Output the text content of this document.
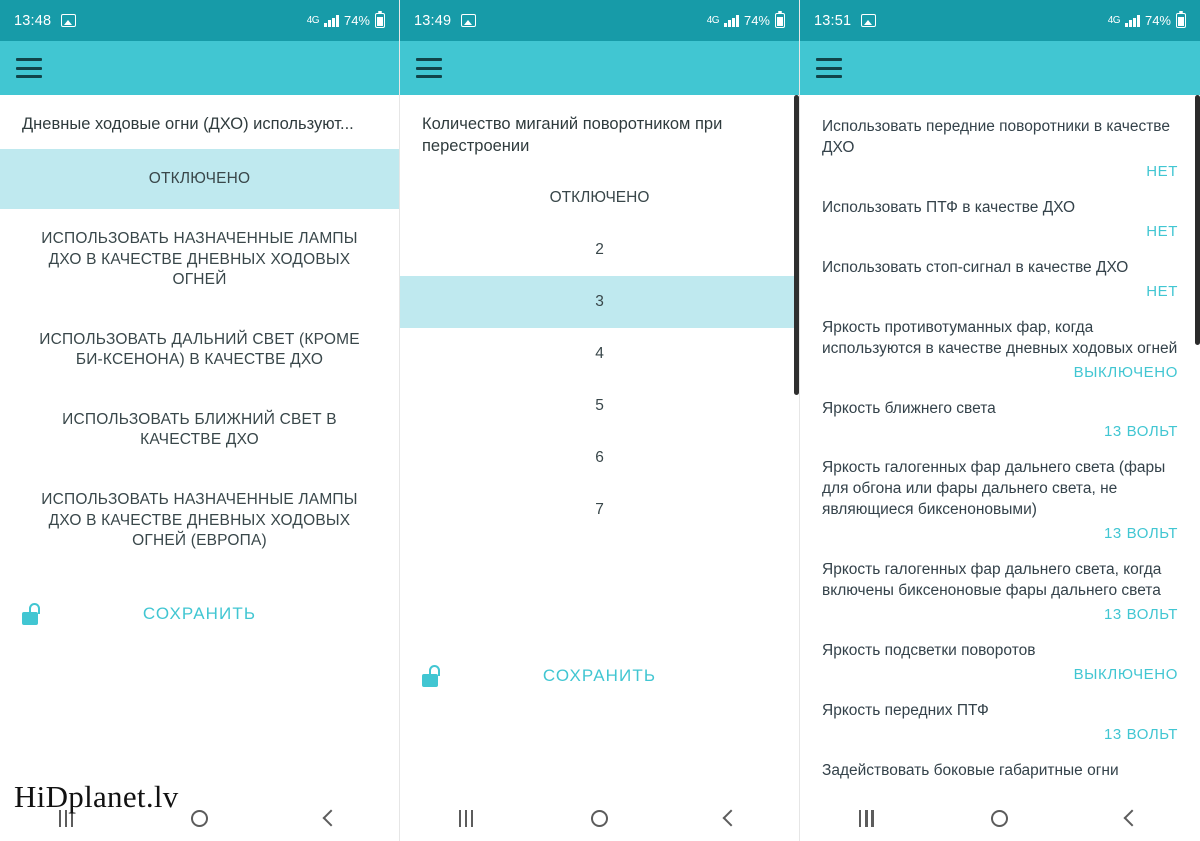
13:48	4G 74%
Дневные ходовые огни (ДХО) используют...
ОТКЛЮЧЕНО
ИСПОЛЬЗОВАТЬ НАЗНАЧЕННЫЕ ЛАМПЫ ДХО В КАЧЕСТВЕ ДНЕВНЫХ ХОДОВЫХ ОГНЕЙ
ИСПОЛЬЗОВАТЬ ДАЛЬНИЙ СВЕТ (КРОМЕ БИ-КСЕНОНА) В КАЧЕСТВЕ ДХО
ИСПОЛЬЗОВАТЬ БЛИЖНИЙ СВЕТ В КАЧЕСТВЕ ДХО
ИСПОЛЬЗОВАТЬ НАЗНАЧЕННЫЕ ЛАМПЫ ДХО В КАЧЕСТВЕ ДНЕВНЫХ ХОДОВЫХ ОГНЕЙ (ЕВРОПА)
СОХРАНИТЬ
HiDplanet.lv
13:49	4G 74%
Количество миганий поворотником при перестроении
ОТКЛЮЧЕНО
2
3
4
5
6
7
СОХРАНИТЬ
13:51	4G 74%
Использовать передние поворотники в качестве ДХО
НЕТ
Использовать ПТФ в качестве ДХО
НЕТ
Использовать стоп-сигнал в качестве ДХО
НЕТ
Яркость противотуманных фар, когда используются в качестве дневных ходовых огней
ВЫКЛЮЧЕНО
Яркость ближнего света
13 ВОЛЬТ
Яркость галогенных фар дальнего света (фары для обгона или фары дальнего света, не являющиеся биксеноновыми)
13 ВОЛЬТ
Яркость галогенных фар дальнего света, когда включены биксеноновые фары дальнего света
13 ВОЛЬТ
Яркость подсветки поворотов
ВЫКЛЮЧЕНО
Яркость передних ПТФ
13 ВОЛЬТ
Задействовать боковые габаритные огни
